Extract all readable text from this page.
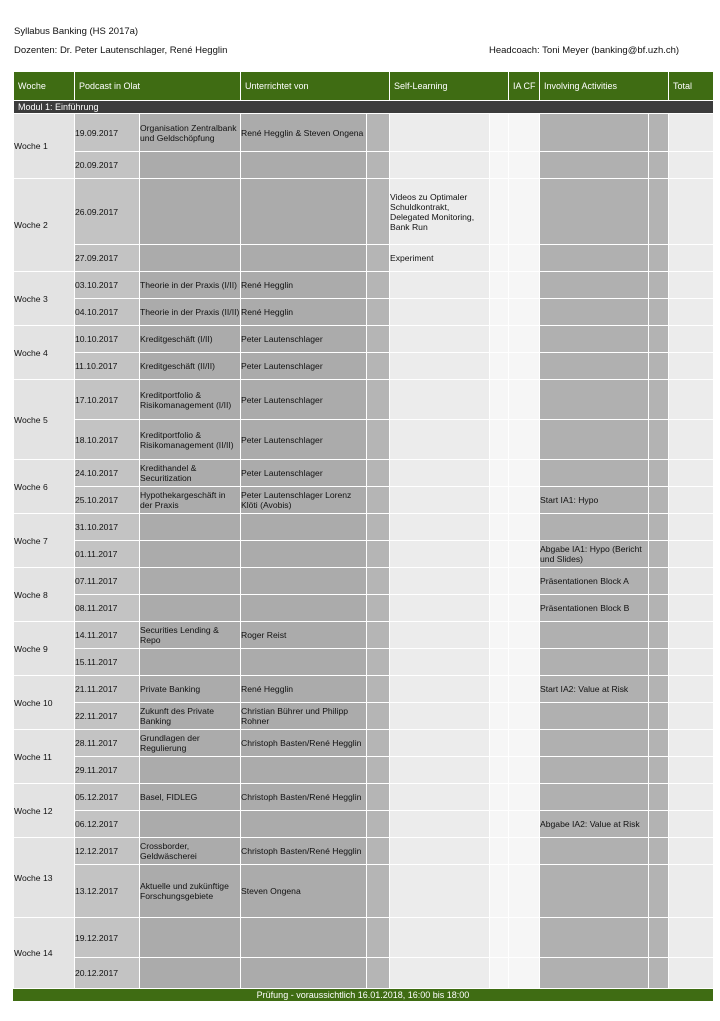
Syllabus Banking (HS 2017a)
Dozenten: Dr. Peter Lautenschlager, René Hegglin	Headcoach: Toni Meyer (banking@bf.uzh.ch)
Woche	Podcast in Olat		Unterrichtet von		Self-Learning		IA CF	Involving Activities		Total
Modul 1: Einführung										
Woche 1	19.09.2017	Organisation Zentralbank und Geldschöpfung	René Hegglin & Steven Ongena							
	20.09.2017									
Woche 2	26.09.2017				Videos zu Optimaler Schuldkontrakt, Delegated Monitoring, Bank Run					
	27.09.2017				Experiment					
Woche 3	03.10.2017	Theorie in der Praxis (I/II)	René Hegglin							
	04.10.2017	Theorie in der Praxis (II/II)	René Hegglin							
Woche 4	10.10.2017	Kreditgeschäft (I/II)	Peter Lautenschlager							
	11.10.2017	Kreditgeschäft (II/II)	Peter Lautenschlager							
Woche 5	17.10.2017	Kreditportfolio & Risikomanagement (I/II)	Peter Lautenschlager							
	18.10.2017	Kreditportfolio & Risikomanagement (II/II)	Peter Lautenschlager							
Woche 6	24.10.2017	Kredithandel & Securitization	Peter Lautenschlager							
	25.10.2017	Hypothekargeschäft in der Praxis	Peter Lautenschlager Lorenz Klöti (Avobis)					Start IA1: Hypo		
Woche 7	31.10.2017									
	01.11.2017							Abgabe IA1: Hypo (Bericht und Slides)		
Woche 8	07.11.2017							Präsentationen Block A		
	08.11.2017							Präsentationen Block B		
Woche 9	14.11.2017	Securities Lending & Repo	Roger Reist							
	15.11.2017									
Woche 10	21.11.2017	Private Banking	René Hegglin					Start IA2: Value at Risk		
	22.11.2017	Zukunft des Private Banking	Christian Bührer und Philipp Rohner							
Woche 11	28.11.2017	Grundlagen der Regulierung	Christoph Basten/René Hegglin							
	29.11.2017									
Woche 12	05.12.2017	Basel, FIDLEG	Christoph Basten/René Hegglin							
	06.12.2017							Abgabe IA2: Value at Risk		
Woche 13	12.12.2017	Crossborder, Geldwäscherei	Christoph Basten/René Hegglin							
	13.12.2017	Aktuelle und zukünftige Forschungsgebiete	Steven Ongena							
Woche 14	19.12.2017									
	20.12.2017									
Prüfung - voraussichtlich 16.01.2018, 16:00 bis 18:00
